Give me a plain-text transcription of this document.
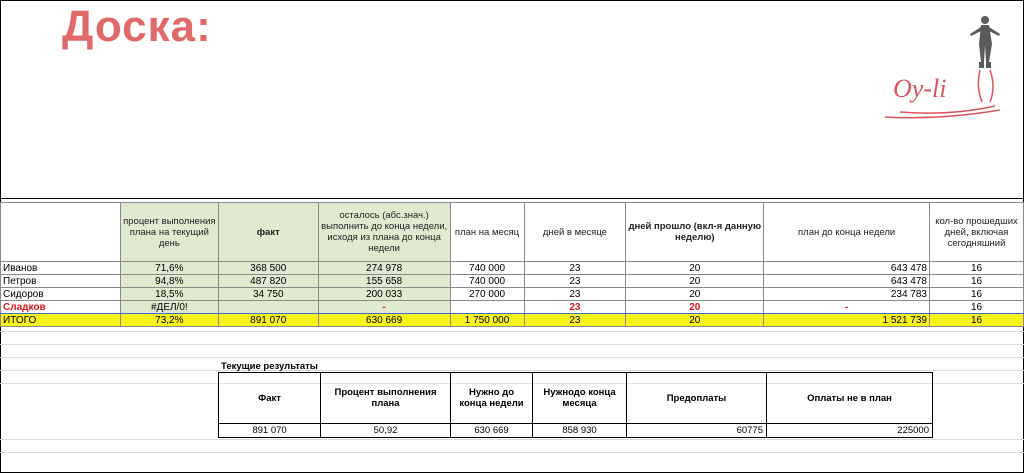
Доска:
Oy-li
	процент выполнения плана на текущий день	факт	осталось (абс.знач.) выполнить до конца недели, исходя из плана до конца недели	план на месяц	дней в месяце	дней прошло (вкл-я данную неделю)	план до конца недели	кол-во прошедших дней, включая сегодняшний
Иванов	71,6%	368 500	274 978	740 000	23	20	643 478	16
Петров	94,8%	487 820	155 658	740 000	23	20	643 478	16
Сидоров	18,5%	34 750	200 033	270 000	23	20	234 783	16
Сладков	#ДЕЛ/0!		-		23	20	-	16
ИТОГО	73,2%	891 070	630 669	1 750 000	23	20	1 521 739	16
Текущие результаты
Факт	Процент выполнения плана	Нужно до конца недели	Нужнодо конца месяца	Предоплаты	Оплаты не в план
891 070	50,92	630 669	858 930	60775	225000
